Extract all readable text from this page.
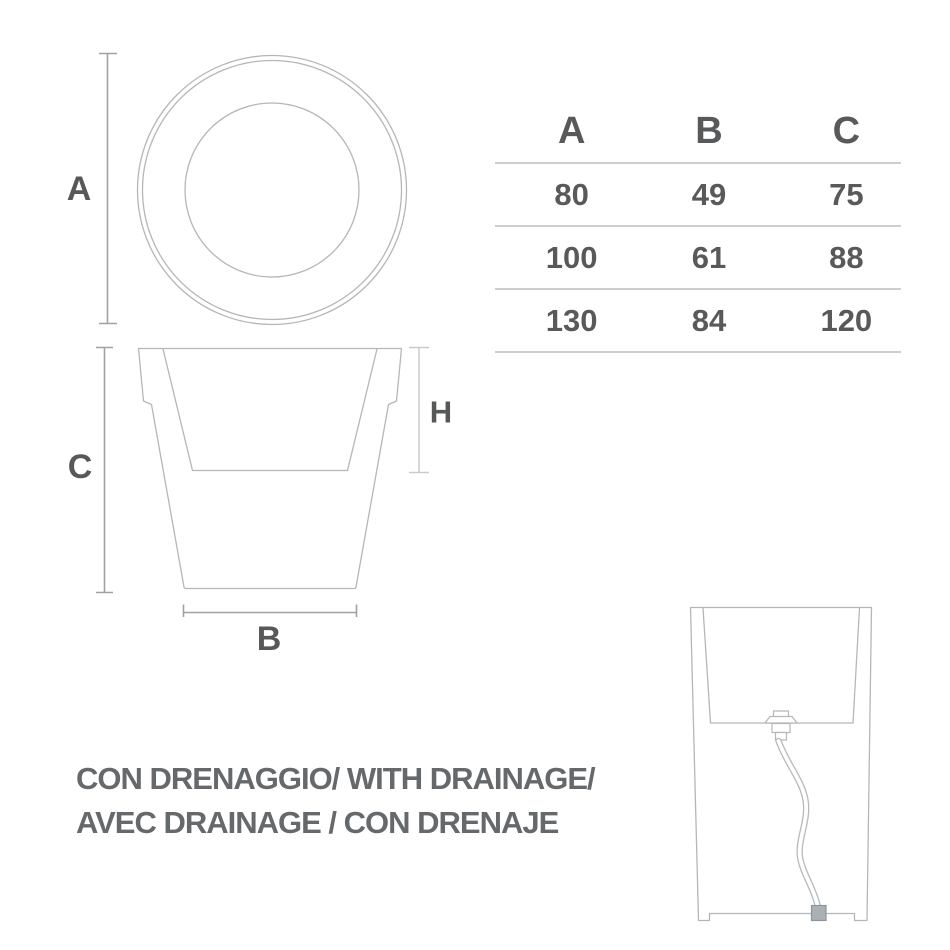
A
C
H
B
A	B	C
80	49	75
100	61	88
130	84	120
CON DRENAGGIO/ WITH DRAINAGE/
AVEC DRAINAGE / CON DRENAJE
